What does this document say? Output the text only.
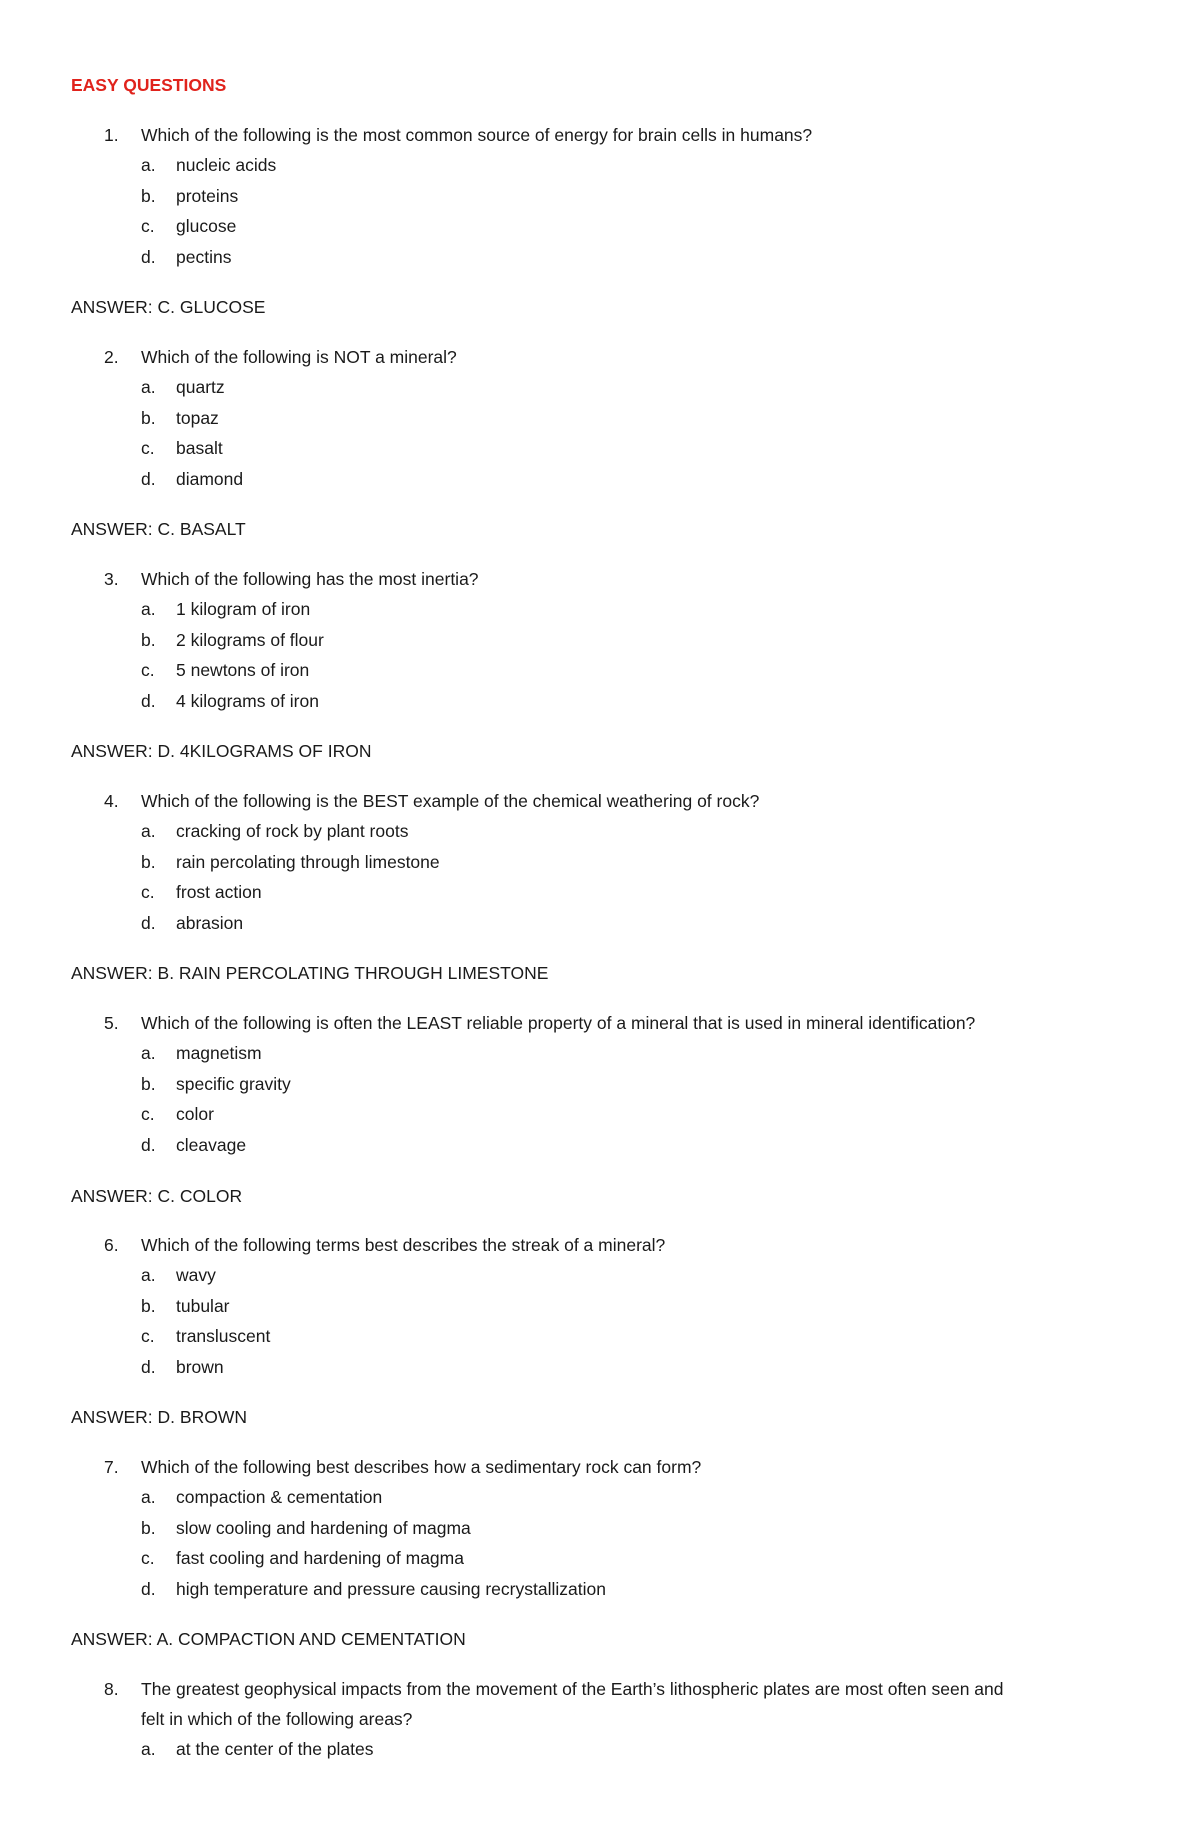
EASY QUESTIONS
1. Which of the following is the most common source of energy for brain cells in humans?
a. nucleic acids
b. proteins
c. glucose
d. pectins
ANSWER: C. GLUCOSE
2. Which of the following is NOT a mineral?
a. quartz
b. topaz
c. basalt
d. diamond
ANSWER: C. BASALT
3. Which of the following has the most inertia?
a. 1 kilogram of iron
b. 2 kilograms of flour
c. 5 newtons of iron
d. 4 kilograms of iron
ANSWER: D. 4KILOGRAMS OF IRON
4. Which of the following is the BEST example of the chemical weathering of rock?
a. cracking of rock by plant roots
b. rain percolating through limestone
c. frost action
d. abrasion
ANSWER: B. RAIN PERCOLATING THROUGH LIMESTONE
5. Which of the following is often the LEAST reliable property of a mineral that is used in mineral identification?
a. magnetism
b. specific gravity
c. color
d. cleavage
ANSWER: C. COLOR
6. Which of the following terms best describes the streak of a mineral?
a. wavy
b. tubular
c. transluscent
d. brown
ANSWER: D. BROWN
7. Which of the following best describes how a sedimentary rock can form?
a. compaction & cementation
b. slow cooling and hardening of magma
c. fast cooling and hardening of magma
d. high temperature and pressure causing recrystallization
ANSWER: A. COMPACTION AND CEMENTATION
8. The greatest geophysical impacts from the movement of the Earth’s lithospheric plates are most often seen and
felt in which of the following areas?
a. at the center of the plates
